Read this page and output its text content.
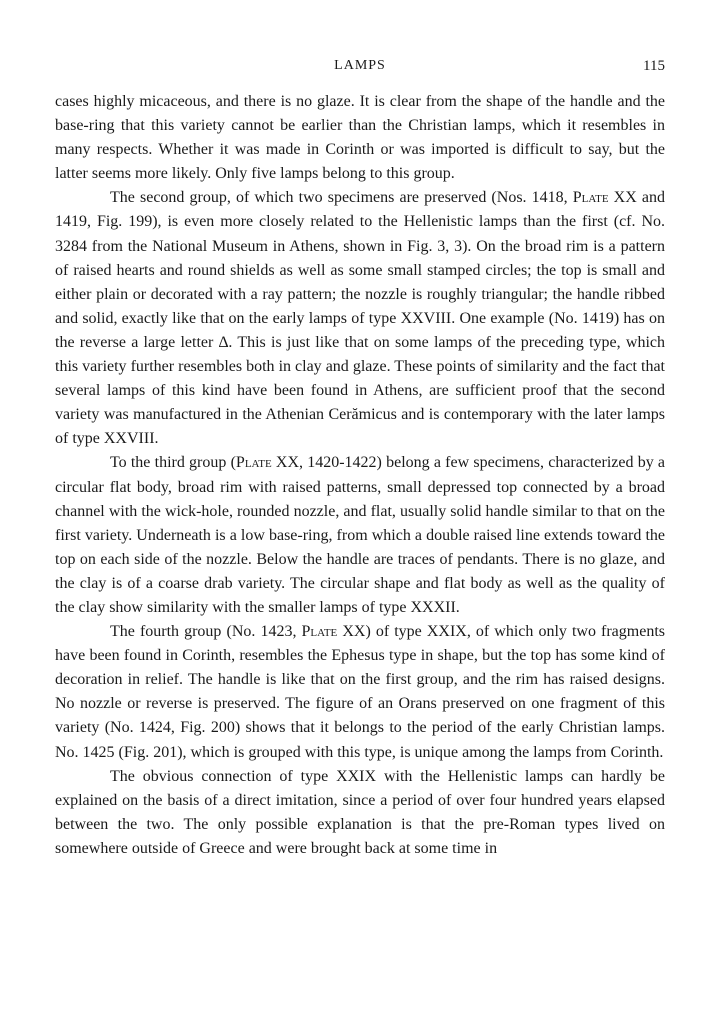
LAMPS	115

cases highly micaceous, and there is no glaze. It is clear from the shape of the handle and the base-ring that this variety cannot be earlier than the Christian lamps, which it resembles in many respects. Whether it was made in Corinth or was imported is difficult to say, but the latter seems more likely. Only five lamps belong to this group.

The second group, of which two specimens are preserved (Nos. 1418, Plate XX and 1419, Fig. 199), is even more closely related to the Hellenistic lamps than the first (cf. No. 3284 from the National Museum in Athens, shown in Fig. 3, 3). On the broad rim is a pattern of raised hearts and round shields as well as some small stamped circles; the top is small and either plain or decorated with a ray pattern; the nozzle is roughly triangular; the handle ribbed and solid, exactly like that on the early lamps of type XXVIII. One example (No. 1419) has on the reverse a large letter ∆. This is just like that on some lamps of the preceding type, which this variety further resembles both in clay and glaze. These points of similarity and the fact that several lamps of this kind have been found in Athens, are sufficient proof that the second variety was manufactured in the Athenian Cerămicus and is contemporary with the later lamps of type XXVIII.

To the third group (Plate XX, 1420-1422) belong a few specimens, characterized by a circular flat body, broad rim with raised patterns, small depressed top connected by a broad channel with the wick-hole, rounded nozzle, and flat, usually solid handle similar to that on the first variety. Underneath is a low base-ring, from which a double raised line extends toward the top on each side of the nozzle. Below the handle are traces of pendants. There is no glaze, and the clay is of a coarse drab variety. The circular shape and flat body as well as the quality of the clay show similarity with the smaller lamps of type XXXII.

The fourth group (No. 1423, Plate XX) of type XXIX, of which only two fragments have been found in Corinth, resembles the Ephesus type in shape, but the top has some kind of decoration in relief. The handle is like that on the first group, and the rim has raised designs. No nozzle or reverse is preserved. The figure of an Orans preserved on one fragment of this variety (No. 1424, Fig. 200) shows that it belongs to the period of the early Christian lamps. No. 1425 (Fig. 201), which is grouped with this type, is unique among the lamps from Corinth.

The obvious connection of type XXIX with the Hellenistic lamps can hardly be explained on the basis of a direct imitation, since a period of over four hundred years elapsed between the two. The only possible explanation is that the pre-Roman types lived on somewhere outside of Greece and were brought back at some time in
